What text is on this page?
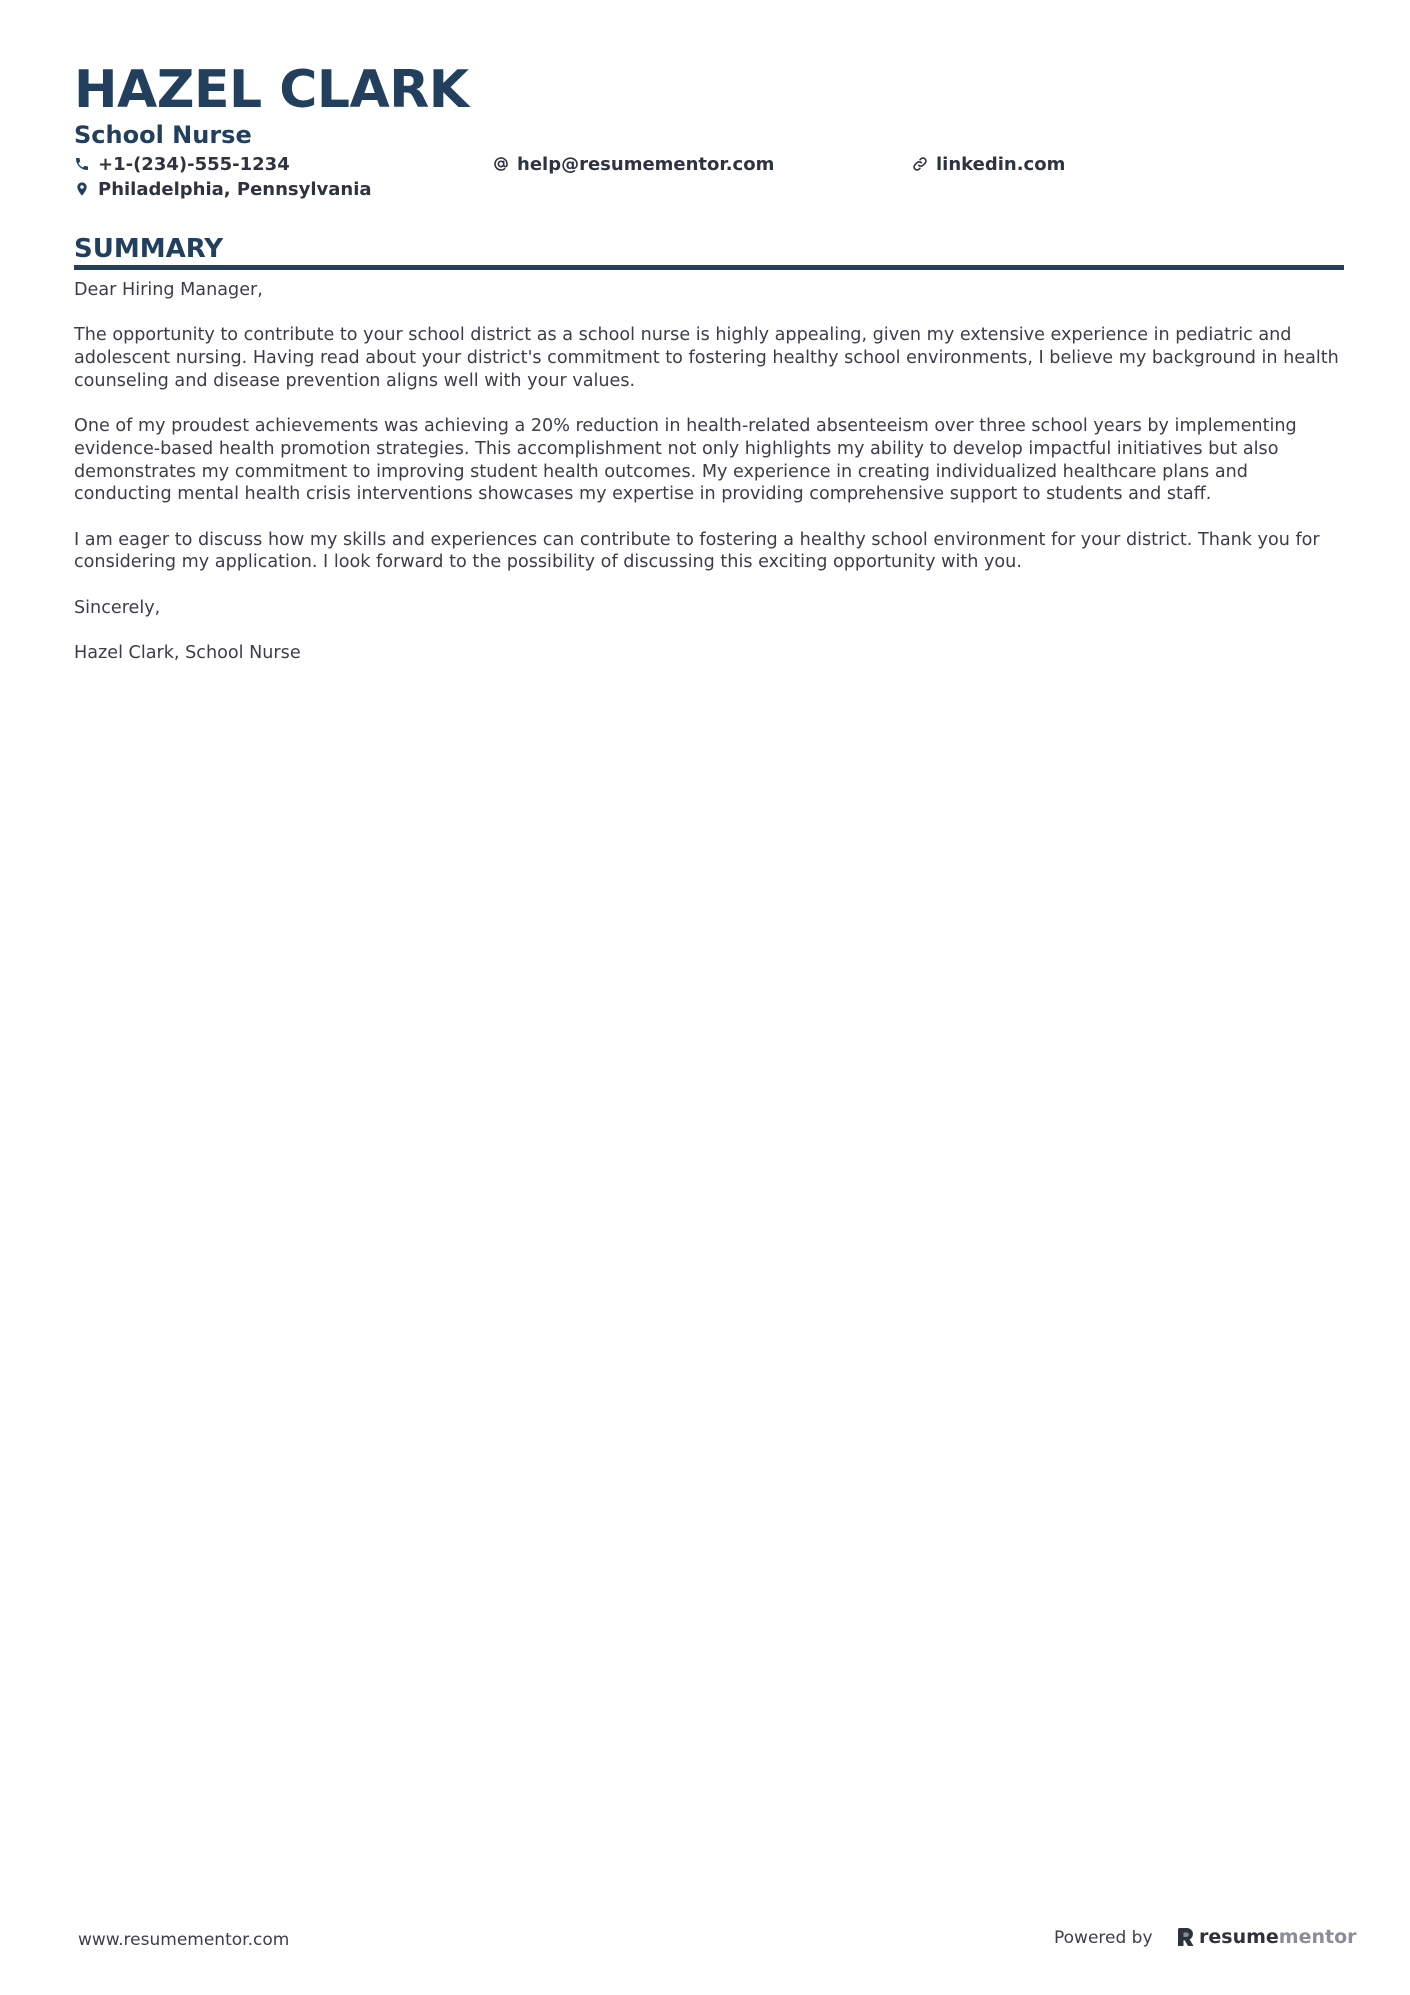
HAZEL CLARK
School Nurse
+1-(234)-555-1234	help@resumementor.com	linkedin.com
Philadelphia, Pennsylvania
SUMMARY

Dear Hiring Manager,

The opportunity to contribute to your school district as a school nurse is highly appealing, given my extensive experience in pediatric and adolescent nursing. Having read about your district's commitment to fostering healthy school environments, I believe my background in health counseling and disease prevention aligns well with your values.

One of my proudest achievements was achieving a 20% reduction in health-related absenteeism over three school years by implementing evidence-based health promotion strategies. This accomplishment not only highlights my ability to develop impactful initiatives but also demonstrates my commitment to improving student health outcomes. My experience in creating individualized healthcare plans and conducting mental health crisis interventions showcases my expertise in providing comprehensive support to students and staff.

I am eager to discuss how my skills and experiences can contribute to fostering a healthy school environment for your district. Thank you for considering my application. I look forward to the possibility of discussing this exciting opportunity with you.

Sincerely,

Hazel Clark, School Nurse

www.resumementor.com	Powered by resume mentor
